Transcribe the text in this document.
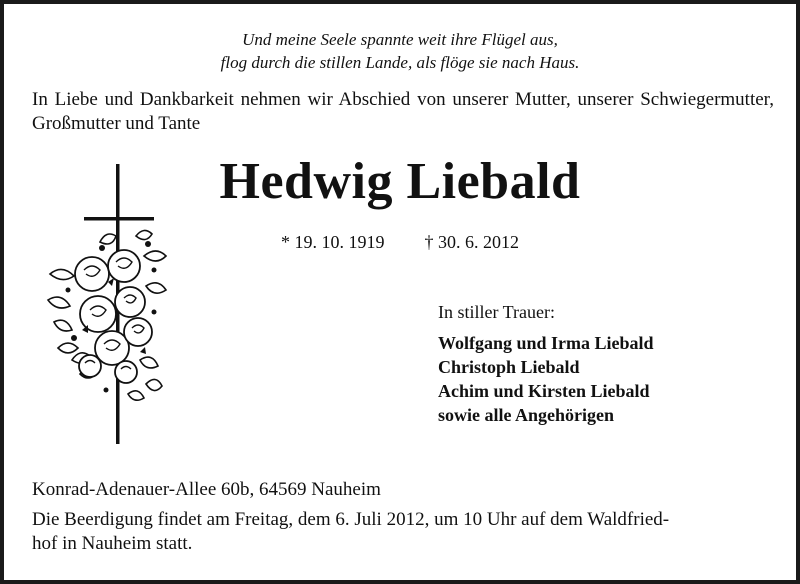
Und meine Seele spannte weit ihre Flügel aus,
flog durch die stillen Lande, als flöge sie nach Haus.
In Liebe und Dankbarkeit nehmen wir Abschied von unserer Mutter, unserer Schwiegermutter, Großmutter und Tante
Hedwig Liebald
* 19. 10. 1919 † 30. 6. 2012
In stiller Trauer:
Wolfgang und Irma Liebald
Christoph Liebald
Achim und Kirsten Liebald
sowie alle Angehörigen
Konrad-Adenauer-Allee 60b, 64569 Nauheim
Die Beerdigung findet am Freitag, dem 6. Juli 2012, um 10 Uhr auf dem Waldfried-
hof in Nauheim statt.
